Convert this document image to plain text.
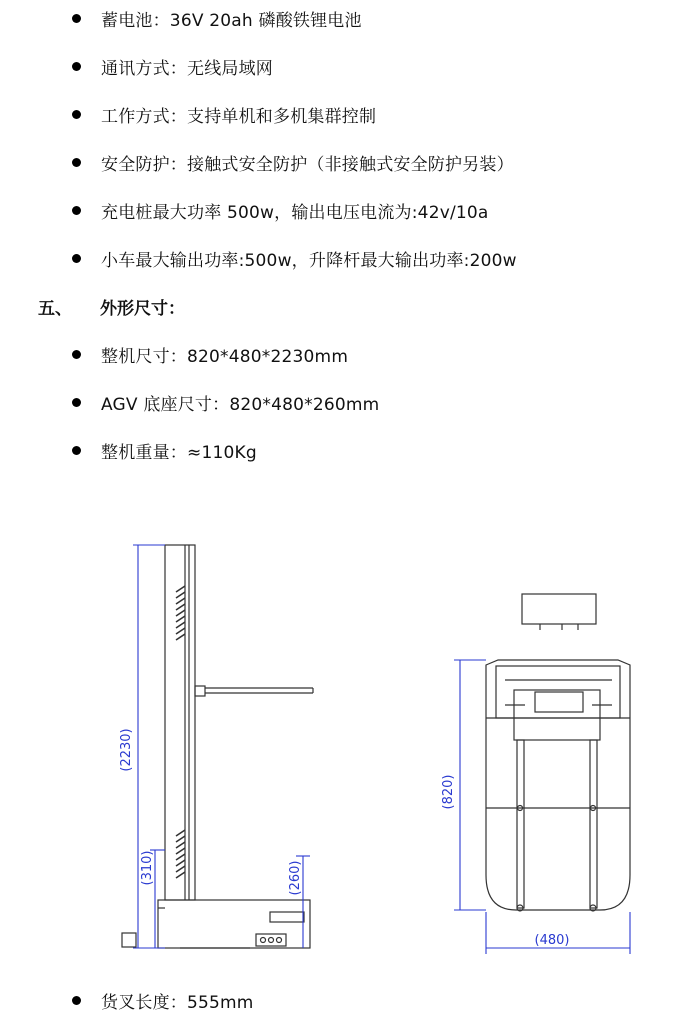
蓄电池：36V 20ah 磷酸铁锂电池
通讯方式：无线局域网
工作方式：支持单机和多机集群控制
安全防护：接触式安全防护（非接触式安全防护另装）
充电桩最大功率 500w，输出电压电流为:42v/10a
小车最大输出功率:500w，升降杆最大输出功率:200w
五、	外形尺寸：
整机尺寸：820*480*2230mm
AGV 底座尺寸：820*480*260mm
整机重量：≈110Kg
(2230)
(310)	(260)
(820)
(480)
货叉长度：555mm
